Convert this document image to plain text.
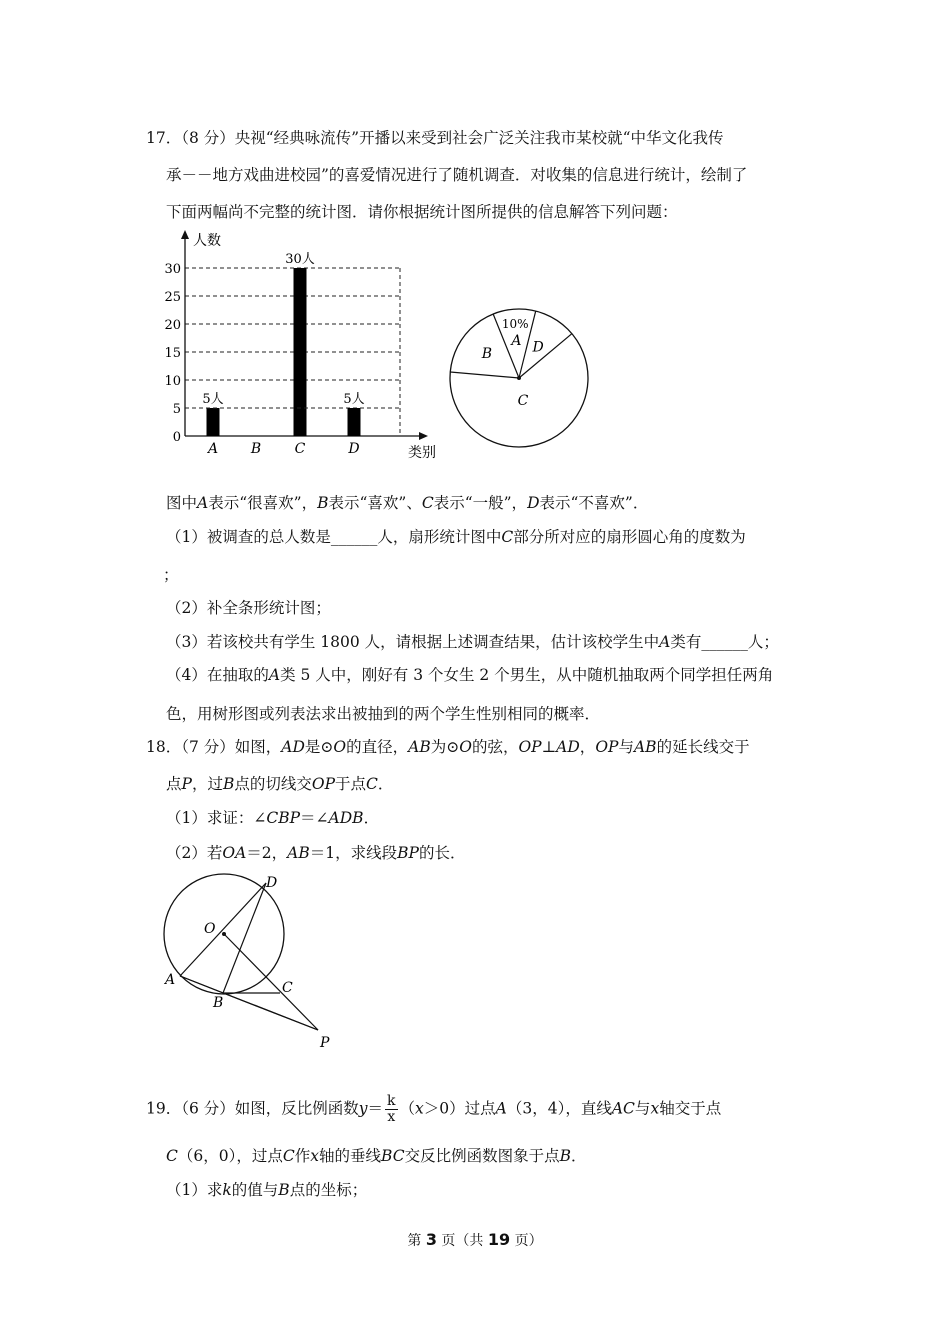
17．（8 分）央视“经典咏流传”开播以来受到社会广泛关注我市某校就“中华文化我传
承－－地方戏曲进校园”的喜爱情况进行了随机调查．对收集的信息进行统计，绘制了
下面两幅尚不完整的统计图．请你根据统计图所提供的信息解答下列问题：
人数
类别
0
5
10
15
20
25
30
A
5人
B C
30人
D
5人
A
10%
B
C
D
图中A表示“很喜欢”，B表示“喜欢”、C表示“一般”，D表示“不喜欢”．
（1）被调查的总人数是______人，扇形统计图中C部分所对应的扇形圆心角的度数为
；
（2）补全条形统计图；
（3）若该校共有学生 1800 人，请根据上述调查结果，估计该校学生中A类有______人；
（4）在抽取的A类 5 人中，刚好有 3 个女生 2 个男生，从中随机抽取两个同学担任两角
色，用树形图或列表法求出被抽到的两个学生性别相同的概率．
18．（7 分）如图，AD是⊙O的直径，AB为⊙O的弦，OP⊥AD，OP与AB的延长线交于
点P，过B点的切线交OP于点C．
（1）求证：∠CBP＝∠ADB．
（2）若OA＝2，AB＝1，求线段BP的长．
D
O
A	C
B
P
19．（6 分）如图，反比例函数$y= \frac{k}{x} (x>0)$过点A（3，4），直线AC与x轴交于点
C（6，0），过点C作x轴的垂线BC交反比例函数图象于点B．
（1）求k的值与B点的坐标；
第 3 页（共 19 页）
